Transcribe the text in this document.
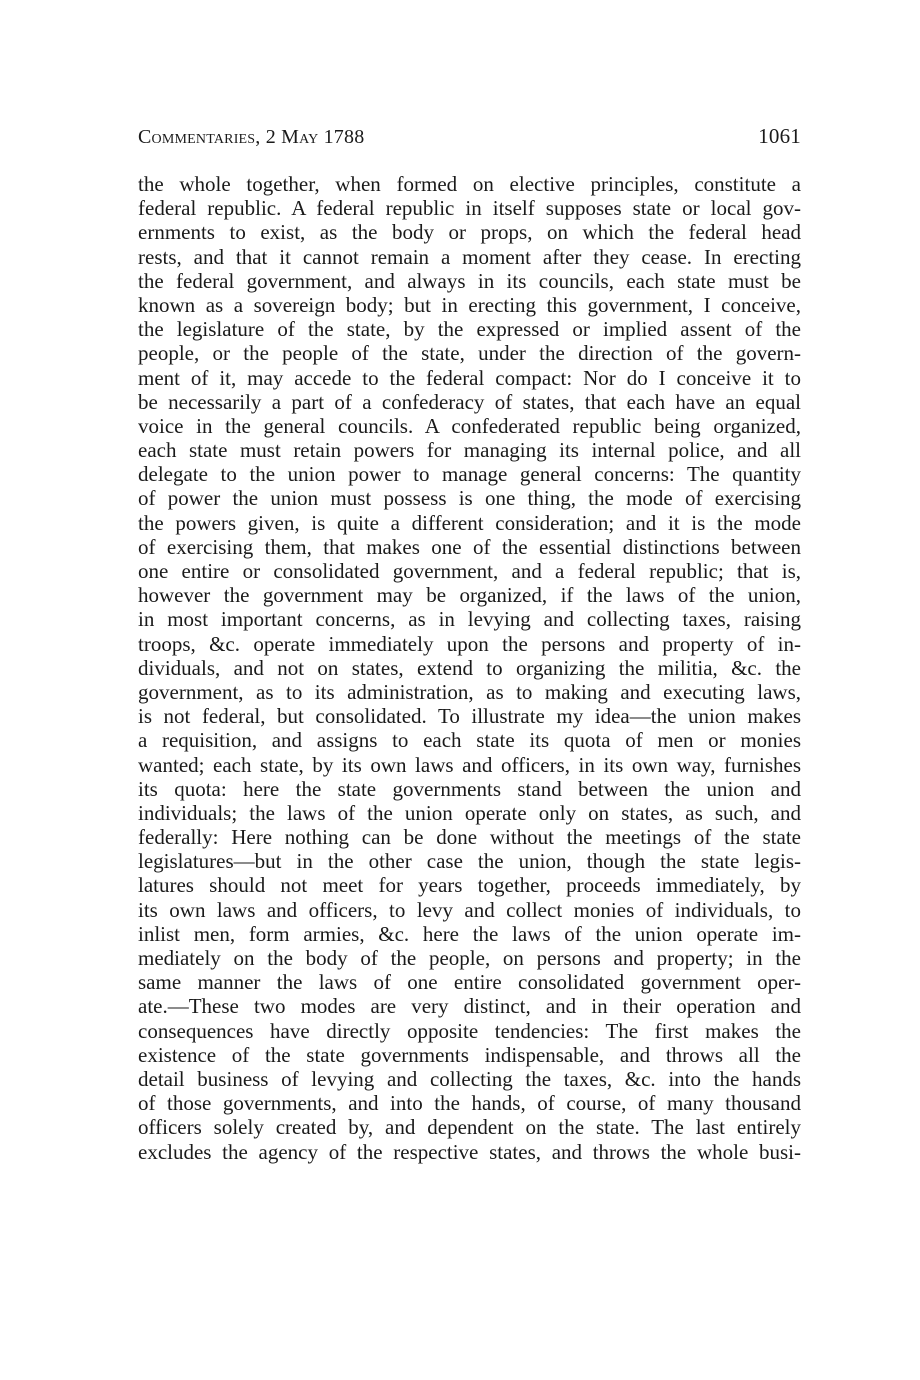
Commentaries, 2 May 1788	1061
the whole together, when formed on elective principles, constitute a
federal republic. A federal republic in itself supposes state or local gov-
ernments to exist, as the body or props, on which the federal head
rests, and that it cannot remain a moment after they cease. In erecting
the federal government, and always in its councils, each state must be
known as a sovereign body; but in erecting this government, I conceive,
the legislature of the state, by the expressed or implied assent of the
people, or the people of the state, under the direction of the govern-
ment of it, may accede to the federal compact: Nor do I conceive it to
be necessarily a part of a confederacy of states, that each have an equal
voice in the general councils. A confederated republic being organized,
each state must retain powers for managing its internal police, and all
delegate to the union power to manage general concerns: The quantity
of power the union must possess is one thing, the mode of exercising
the powers given, is quite a different consideration; and it is the mode
of exercising them, that makes one of the essential distinctions between
one entire or consolidated government, and a federal republic; that is,
however the government may be organized, if the laws of the union,
in most important concerns, as in levying and collecting taxes, raising
troops, &c. operate immediately upon the persons and property of in-
dividuals, and not on states, extend to organizing the militia, &c. the
government, as to its administration, as to making and executing laws,
is not federal, but consolidated. To illustrate my idea—the union makes
a requisition, and assigns to each state its quota of men or monies
wanted; each state, by its own laws and officers, in its own way, furnishes
its quota: here the state governments stand between the union and
individuals; the laws of the union operate only on states, as such, and
federally: Here nothing can be done without the meetings of the state
legislatures—but in the other case the union, though the state legis-
latures should not meet for years together, proceeds immediately, by
its own laws and officers, to levy and collect monies of individuals, to
inlist men, form armies, &c. here the laws of the union operate im-
mediately on the body of the people, on persons and property; in the
same manner the laws of one entire consolidated government oper-
ate.—These two modes are very distinct, and in their operation and
consequences have directly opposite tendencies: The first makes the
existence of the state governments indispensable, and throws all the
detail business of levying and collecting the taxes, &c. into the hands
of those governments, and into the hands, of course, of many thousand
officers solely created by, and dependent on the state. The last entirely
excludes the agency of the respective states, and throws the whole busi-
